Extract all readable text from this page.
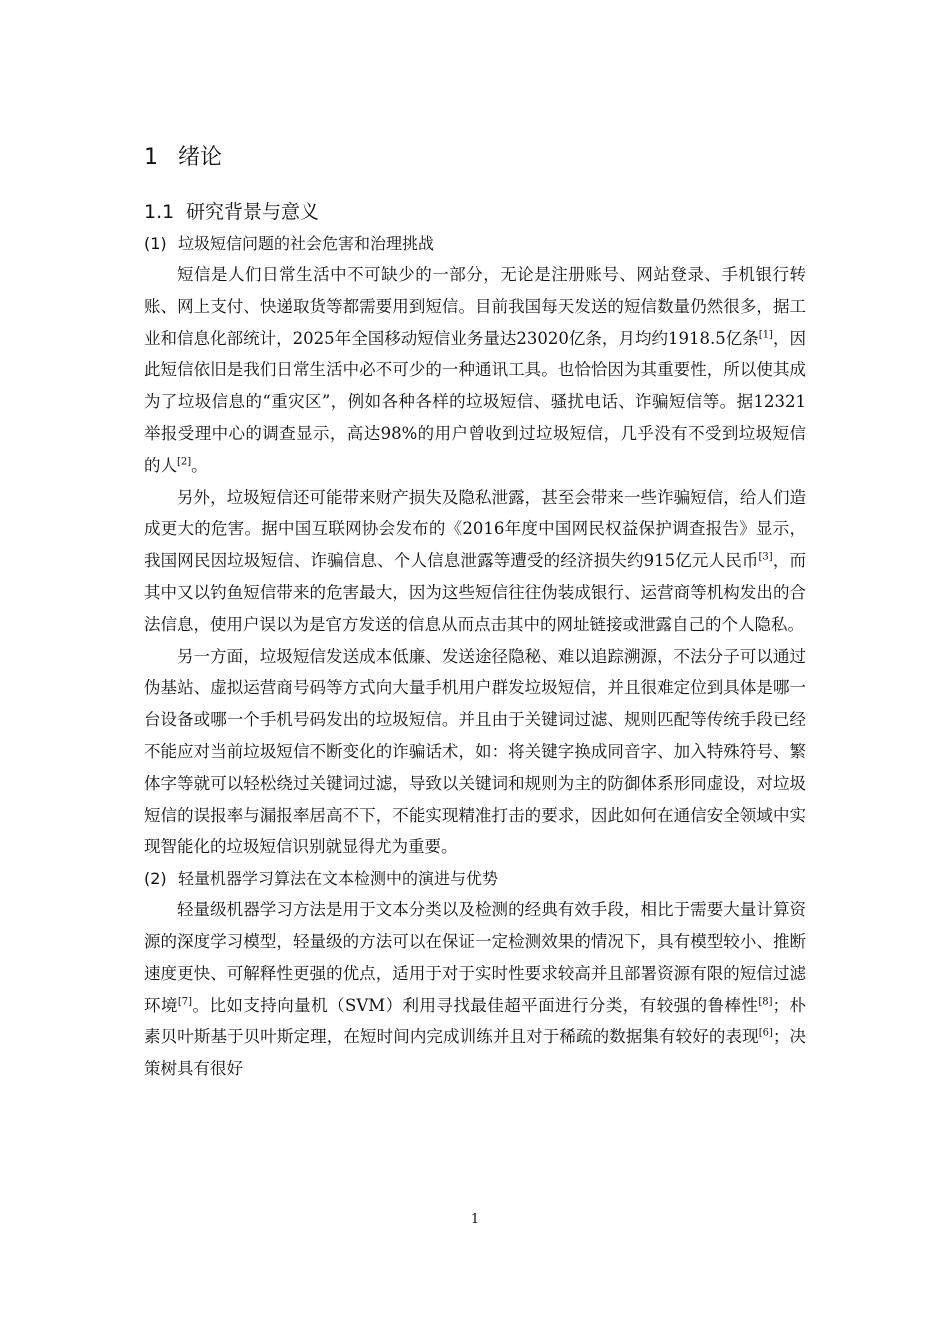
1 绪论
1.1 研究背景与意义
(1) 垃圾短信问题的社会危害和治理挑战

短信是人们日常生活中不可缺少的一部分，无论是注册账号、网站登录、手机银行转账、网上支付、快递取货等都需要用到短信。目前我国每天发送的短信数量仍然很多，据工业和信息化部统计，2025年全国移动短信业务量达23020亿条，月均约1918.5亿条[1]，因此短信依旧是我们日常生活中必不可少的一种通讯工具。也恰恰因为其重要性，所以使其成为了垃圾信息的“重灾区”，例如各种各样的垃圾短信、骚扰电话、诈骗短信等。据12321举报受理中心的调查显示，高达98%的用户曾收到过垃圾短信，几乎没有不受到垃圾短信的人[2]。

另外，垃圾短信还可能带来财产损失及隐私泄露，甚至会带来一些诈骗短信，给人们造成更大的危害。据中国互联网协会发布的《2016年度中国网民权益保护调查报告》显示，我国网民因垃圾短信、诈骗信息、个人信息泄露等遭受的经济损失约915亿元人民币[3]，而其中又以钓鱼短信带来的危害最大，因为这些短信往往伪装成银行、运营商等机构发出的合法信息，使用户误以为是官方发送的信息从而点击其中的网址链接或泄露自己的个人隐私。

另一方面，垃圾短信发送成本低廉、发送途径隐秘、难以追踪溯源，不法分子可以通过伪基站、虚拟运营商号码等方式向大量手机用户群发垃圾短信，并且很难定位到具体是哪一台设备或哪一个手机号码发出的垃圾短信。并且由于关键词过滤、规则匹配等传统手段已经不能应对当前垃圾短信不断变化的诈骗话术，如：将关键字换成同音字、加入特殊符号、繁体字等就可以轻松绕过关键词过滤，导致以关键词和规则为主的防御体系形同虚设，对垃圾短信的误报率与漏报率居高不下，不能实现精准打击的要求，因此如何在通信安全领域中实现智能化的垃圾短信识别就显得尤为重要。

(2) 轻量机器学习算法在文本检测中的演进与优势

轻量级机器学习方法是用于文本分类以及检测的经典有效手段，相比于需要大量计算资源的深度学习模型，轻量级的方法可以在保证一定检测效果的情况下，具有模型较小、推断速度更快、可解释性更强的优点，适用于对于实时性要求较高并且部署资源有限的短信过滤环境[7]。比如支持向量机（SVM）利用寻找最佳超平面进行分类，有较强的鲁棒性[8]；朴素贝叶斯基于贝叶斯定理，在短时间内完成训练并且对于稀疏的数据集有较好的表现[6]；决策树具有很好

1
